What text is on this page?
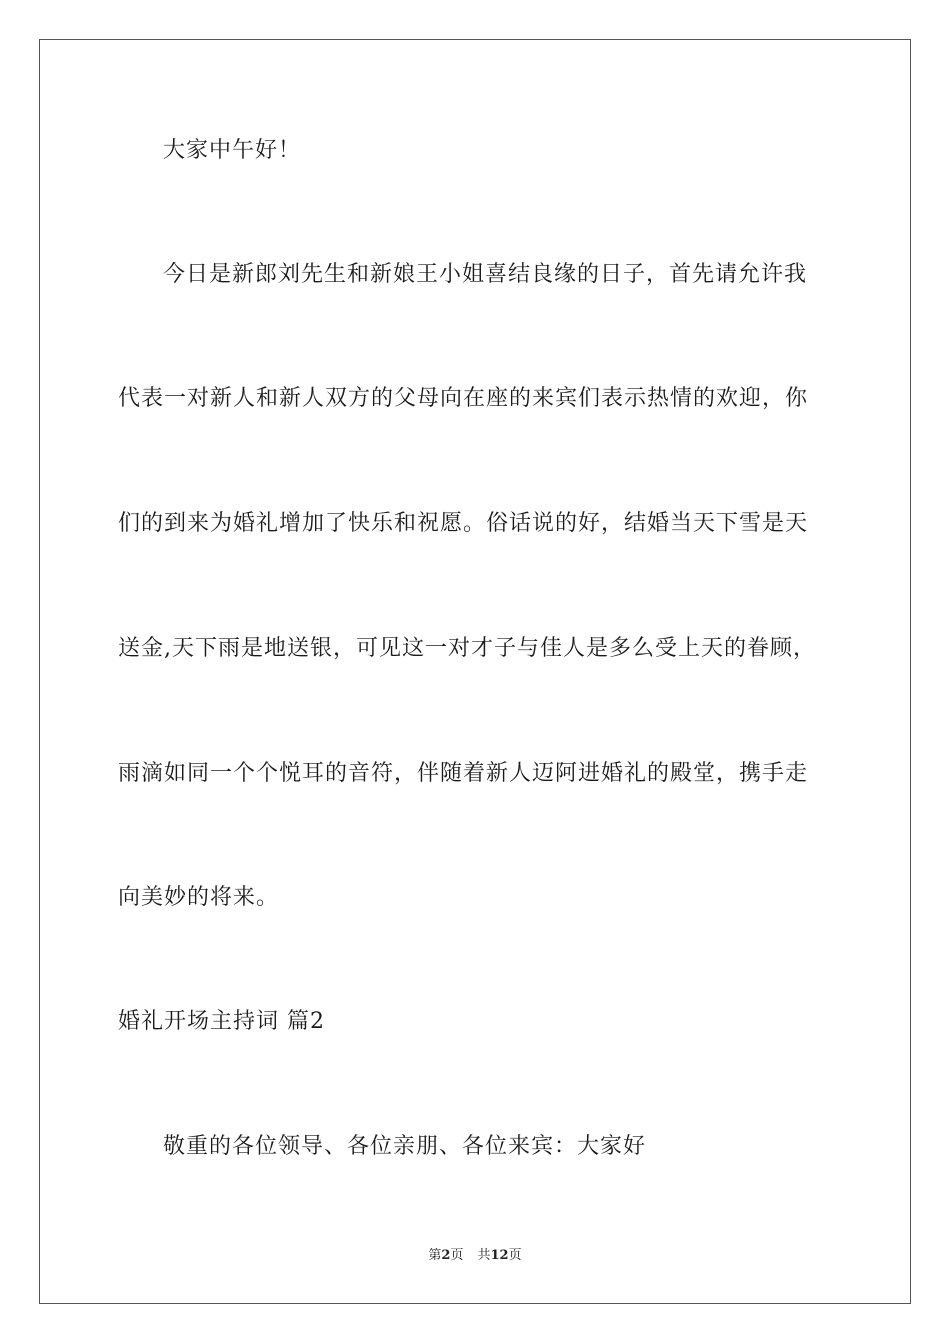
大家中午好！

今日是新郎刘先生和新娘王小姐喜结良缘的日子，首先请允许我

代表一对新人和新人双方的父母向在座的来宾们表示热情的欢迎，你

们的到来为婚礼增加了快乐和祝愿。俗话说的好，结婚当天下雪是天

送金,天下雨是地送银，可见这一对才子与佳人是多么受上天的眷顾，

雨滴如同一个个悦耳的音符，伴随着新人迈阿进婚礼的殿堂，携手走

向美妙的将来。

婚礼开场主持词 篇2

敬重的各位领导、各位亲朋、各位来宾：大家好

第2页 共12页
